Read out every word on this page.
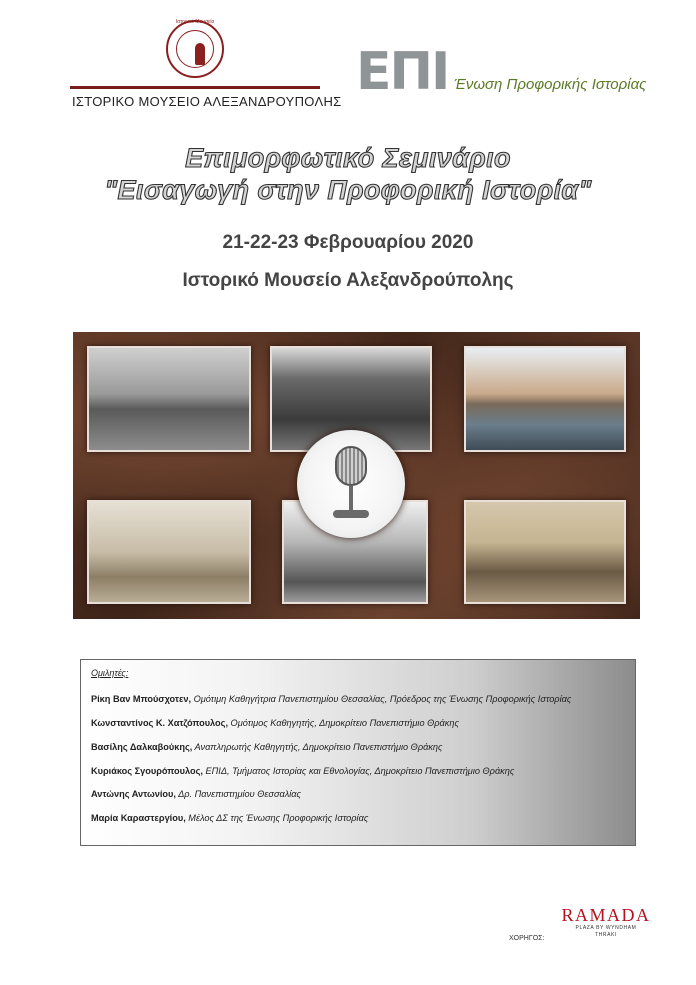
Ιστορικό Μουσείο
ΙΣΤΟΡΙΚΟ ΜΟΥΣΕΙΟ ΑΛΕΞΑΝΔΡΟΥΠΟΛΗΣ ΕΠΙ Ένωση Προφορικής Ιστορίας
Επιμορφωτικό Σεμινάριο
"Εισαγωγή στην Προφορική Ιστορία"
21-22-23 Φεβρουαρίου 2020
Ιστορικό Μουσείο Αλεξανδρούπολης
Ομιλητές:
Ρίκη Βαν Μπούσχοτεν, Ομότιμη Καθηγήτρια Πανεπιστημίου Θεσσαλίας, Πρόεδρος της Ένωσης Προφορικής Ιστορίας
Κωνσταντίνος Κ. Χατζόπουλος, Ομότιμος Καθηγητής, Δημοκρίτειο Πανεπιστήμιο Θράκης
Βασίλης Δαλκαβούκης, Αναπληρωτής Καθηγητής, Δημοκρίτειο Πανεπιστήμιο Θράκης
Κυριάκος Σγουρόπουλος, ΕΠΙΔ, Τμήματος Ιστορίας και Εθνολογίας, Δημοκρίτειο Πανεπιστήμιο Θράκης
Αντώνης Αντωνίου, Δρ. Πανεπιστημίου Θεσσαλίας
Μαρία Καραστεργίου, Μέλος ΔΣ της Ένωσης Προφορικής Ιστορίας
ΧΟΡΗΓΟΣ:
RAMADA
PLAZA BY WYNDHAM
THRAKI
